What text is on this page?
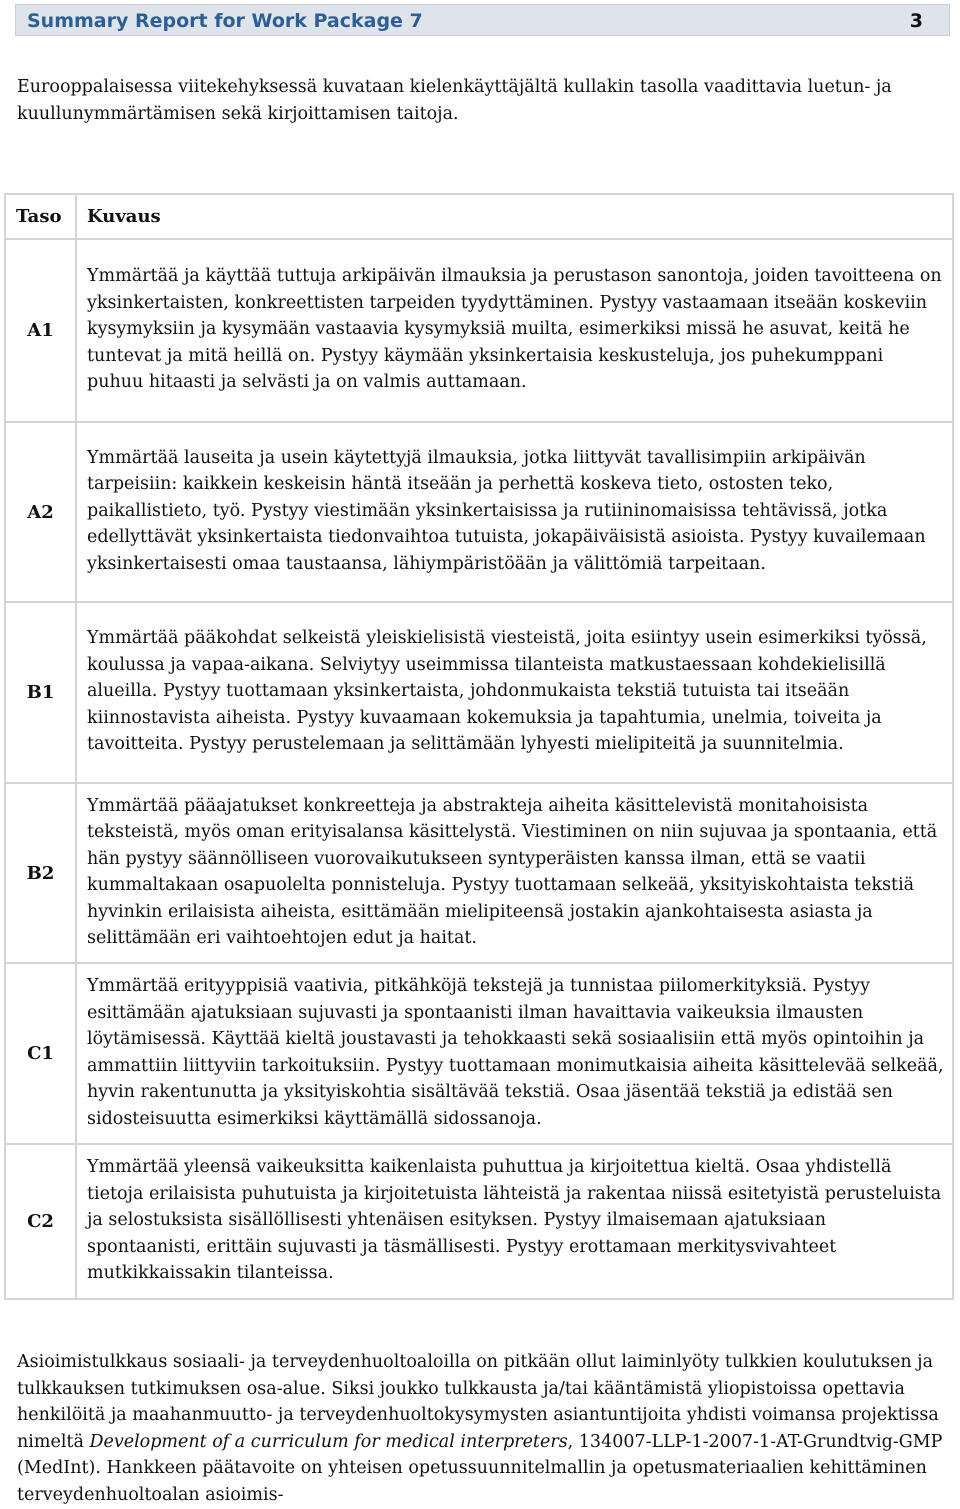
Summary Report for Work Package 7	3

Eurooppalaisessa viitekehyksessä kuvataan kielenkäyttäjältä kullakin tasolla vaadittavia luetun- ja kuullunymmärtämisen sekä kirjoittamisen taitoja.

Taso	Kuvaus
A1	Ymmärtää ja käyttää tuttuja arkipäivän ilmauksia ja perustason sanontoja, joiden tavoitteena on yksinkertaisten, konkreettisten tarpeiden tyydyttäminen. Pystyy vastaamaan itseään koskeviin kysymyksiin ja kysymään vastaavia kysymyksiä muilta, esimerkiksi missä he asuvat, keitä he tuntevat ja mitä heillä on. Pystyy käymään yksinkertaisia keskusteluja, jos puhekumppani puhuu hitaasti ja selvästi ja on valmis auttamaan.
A2	Ymmärtää lauseita ja usein käytettyjä ilmauksia, jotka liittyvät tavallisimpiin arkipäivän tarpeisiin: kaikkein keskeisin häntä itseään ja perhettä koskeva tieto, ostosten teko, paikallistieto, työ. Pystyy viestimään yksinkertaisissa ja rutiininomaisissa tehtävissä, jotka edellyttävät yksinkertaista tiedonvaihtoa tutuista, jokapäiväisistä asioista. Pystyy kuvailemaan yksinkertaisesti omaa taustaansa, lähiympäristöään ja välittömiä tarpeitaan.
B1	Ymmärtää pääkohdat selkeistä yleiskielisistä viesteistä, joita esiintyy usein esimerkiksi työssä, koulussa ja vapaa-aikana. Selviytyy useimmissa tilanteista matkustaessaan kohdekielisillä alueilla. Pystyy tuottamaan yksinkertaista, johdonmukaista tekstiä tutuista tai itseään kiinnostavista aiheista. Pystyy kuvaamaan kokemuksia ja tapahtumia, unelmia, toiveita ja tavoitteita. Pystyy perustelemaan ja selittämään lyhyesti mielipiteitä ja suunnitelmia.
B2	Ymmärtää pääajatukset konkreetteja ja abstrakteja aiheita käsittelevistä monitahoisista teksteistä, myös oman erityisalansa käsittelystä. Viestiminen on niin sujuvaa ja spontaania, että hän pystyy säännölliseen vuorovaikutukseen syntyperäisten kanssa ilman, että se vaatii kummaltakaan osapuolelta ponnisteluja. Pystyy tuottamaan selkeää, yksityiskohtaista tekstiä hyvinkin erilaisista aiheista, esittämään mielipiteensä jostakin ajankohtaisesta asiasta ja selittämään eri vaihtoehtojen edut ja haitat.
C1	Ymmärtää erityyppisiä vaativia, pitkähköjä tekstejä ja tunnistaa piilomerkityksiä. Pystyy esittämään ajatuksiaan sujuvasti ja spontaanisti ilman havaittavia vaikeuksia ilmausten löytämisessä. Käyttää kieltä joustavasti ja tehokkaasti sekä sosiaalisiin että myös opintoihin ja ammattiin liittyviin tarkoituksiin. Pystyy tuottamaan monimutkaisia aiheita käsittelevää selkeää, hyvin rakentunutta ja yksityiskohtia sisältävää tekstiä. Osaa jäsentää tekstiä ja edistää sen sidosteisuutta esimerkiksi käyttämällä sidossanoja.
C2	Ymmärtää yleensä vaikeuksitta kaikenlaista puhuttua ja kirjoitettua kieltä. Osaa yhdistellä tietoja erilaisista puhutuista ja kirjoitetuista lähteistä ja rakentaa niissä esitetyistä perusteluista ja selostuksista sisällöllisesti yhtenäisen esityksen. Pystyy ilmaisemaan ajatuksiaan spontaanisti, erittäin sujuvasti ja täsmällisesti. Pystyy erottamaan merkitysvivahteet mutkikkaissakin tilanteissa.

Asioimistulkkaus sosiaali- ja terveydenhuoltoaloilla on pitkään ollut laiminlyöty tulkkien koulutuksen ja tulkkauksen tutkimuksen osa-alue. Siksi joukko tulkkausta ja/tai kääntämistä yliopistoissa opettavia henkilöitä ja maahanmuutto- ja terveydenhuoltokysymysten asiantuntijoita yhdisti voimansa projektissa nimeltä Development of a curriculum for medical interpreters, 134007-LLP-1-2007-1-AT-Grundtvig-GMP (MedInt). Hankkeen päätavoite on yhteisen opetussuunnitelmallin ja opetusmateriaalien kehittäminen terveydenhuoltoalan asioimis-
